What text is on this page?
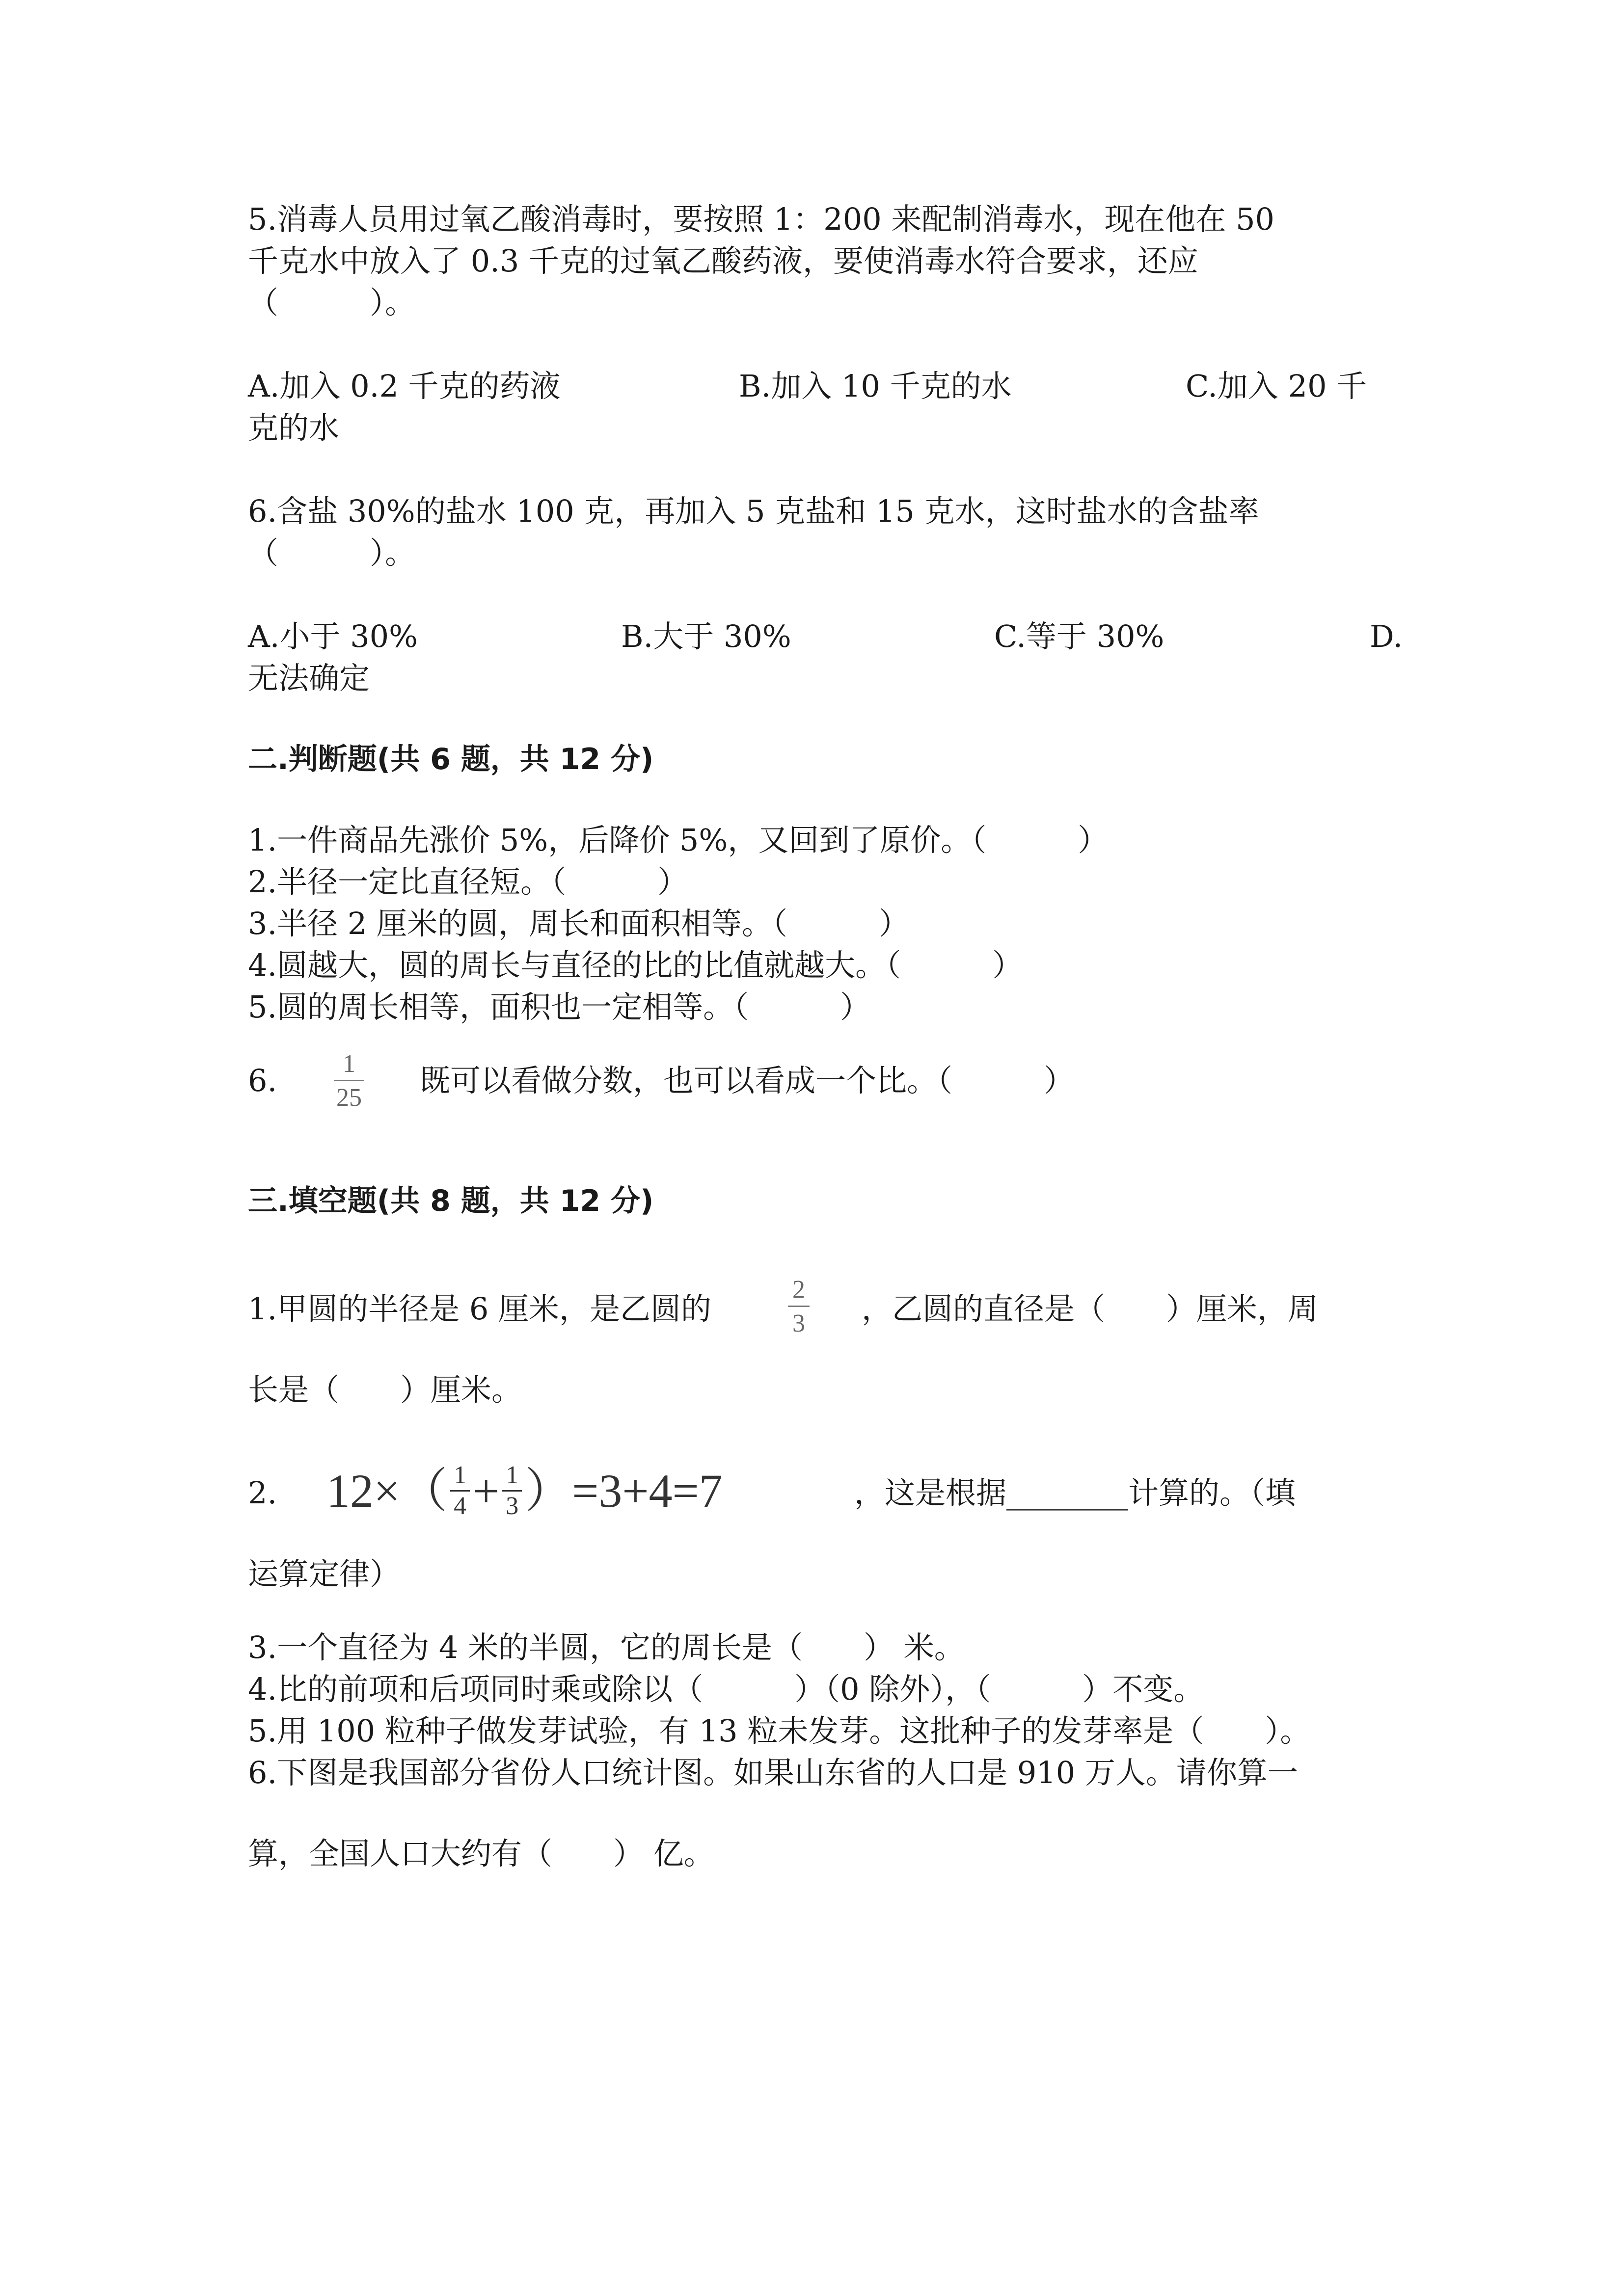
5.消毒人员用过氧乙酸消毒时，要按照 1：200 来配制消毒水，现在他在 50
千克水中放入了 0.3 千克的过氧乙酸药液，要使消毒水符合要求，还应
（　　　）。
A.加入 0.2 千克的药液	B.加入 10 千克的水	C.加入 20 千
克的水
6.含盐 30%的盐水 100 克，再加入 5 克盐和 15 克水，这时盐水的含盐率
（　　　）。
A.小于 30%	B.大于 30%	C.等于 30%	D.
无法确定
二.判断题(共 6 题，共 12 分)
1.一件商品先涨价 5%，后降价 5%，又回到了原价。（　　　）
2.半径一定比直径短。（　　　）
3.半径 2 厘米的圆，周长和面积相等。（　　　）
4.圆越大，圆的周长与直径的比的比值就越大。（　　　）
5.圆的周长相等，面积也一定相等。（　　　）
6.	1
25 既可以看做分数，也可以看成一个比。（　　　）
三.填空题(共 8 题，共 12 分)
1.甲圆的半径是 6 厘米，是乙圆的
2
3 ，乙圆的直径是（　　）厘米，周
长是（　　）厘米。
2. 12×（ 1
4 + 1
3 ）=3+4=7	，这是根据________计算的。（填
运算定律）
3.一个直径为 4 米的半圆，它的周长是（　　） 米。
4.比的前项和后项同时乘或除以（　　　）（0 除外），（　　　）不变。
5.用 100 粒种子做发芽试验，有 13 粒未发芽。这批种子的发芽率是（　　）。
6.下图是我国部分省份人口统计图。如果山东省的人口是 910 万人。请你算一
算，全国人口大约有（　　） 亿。
